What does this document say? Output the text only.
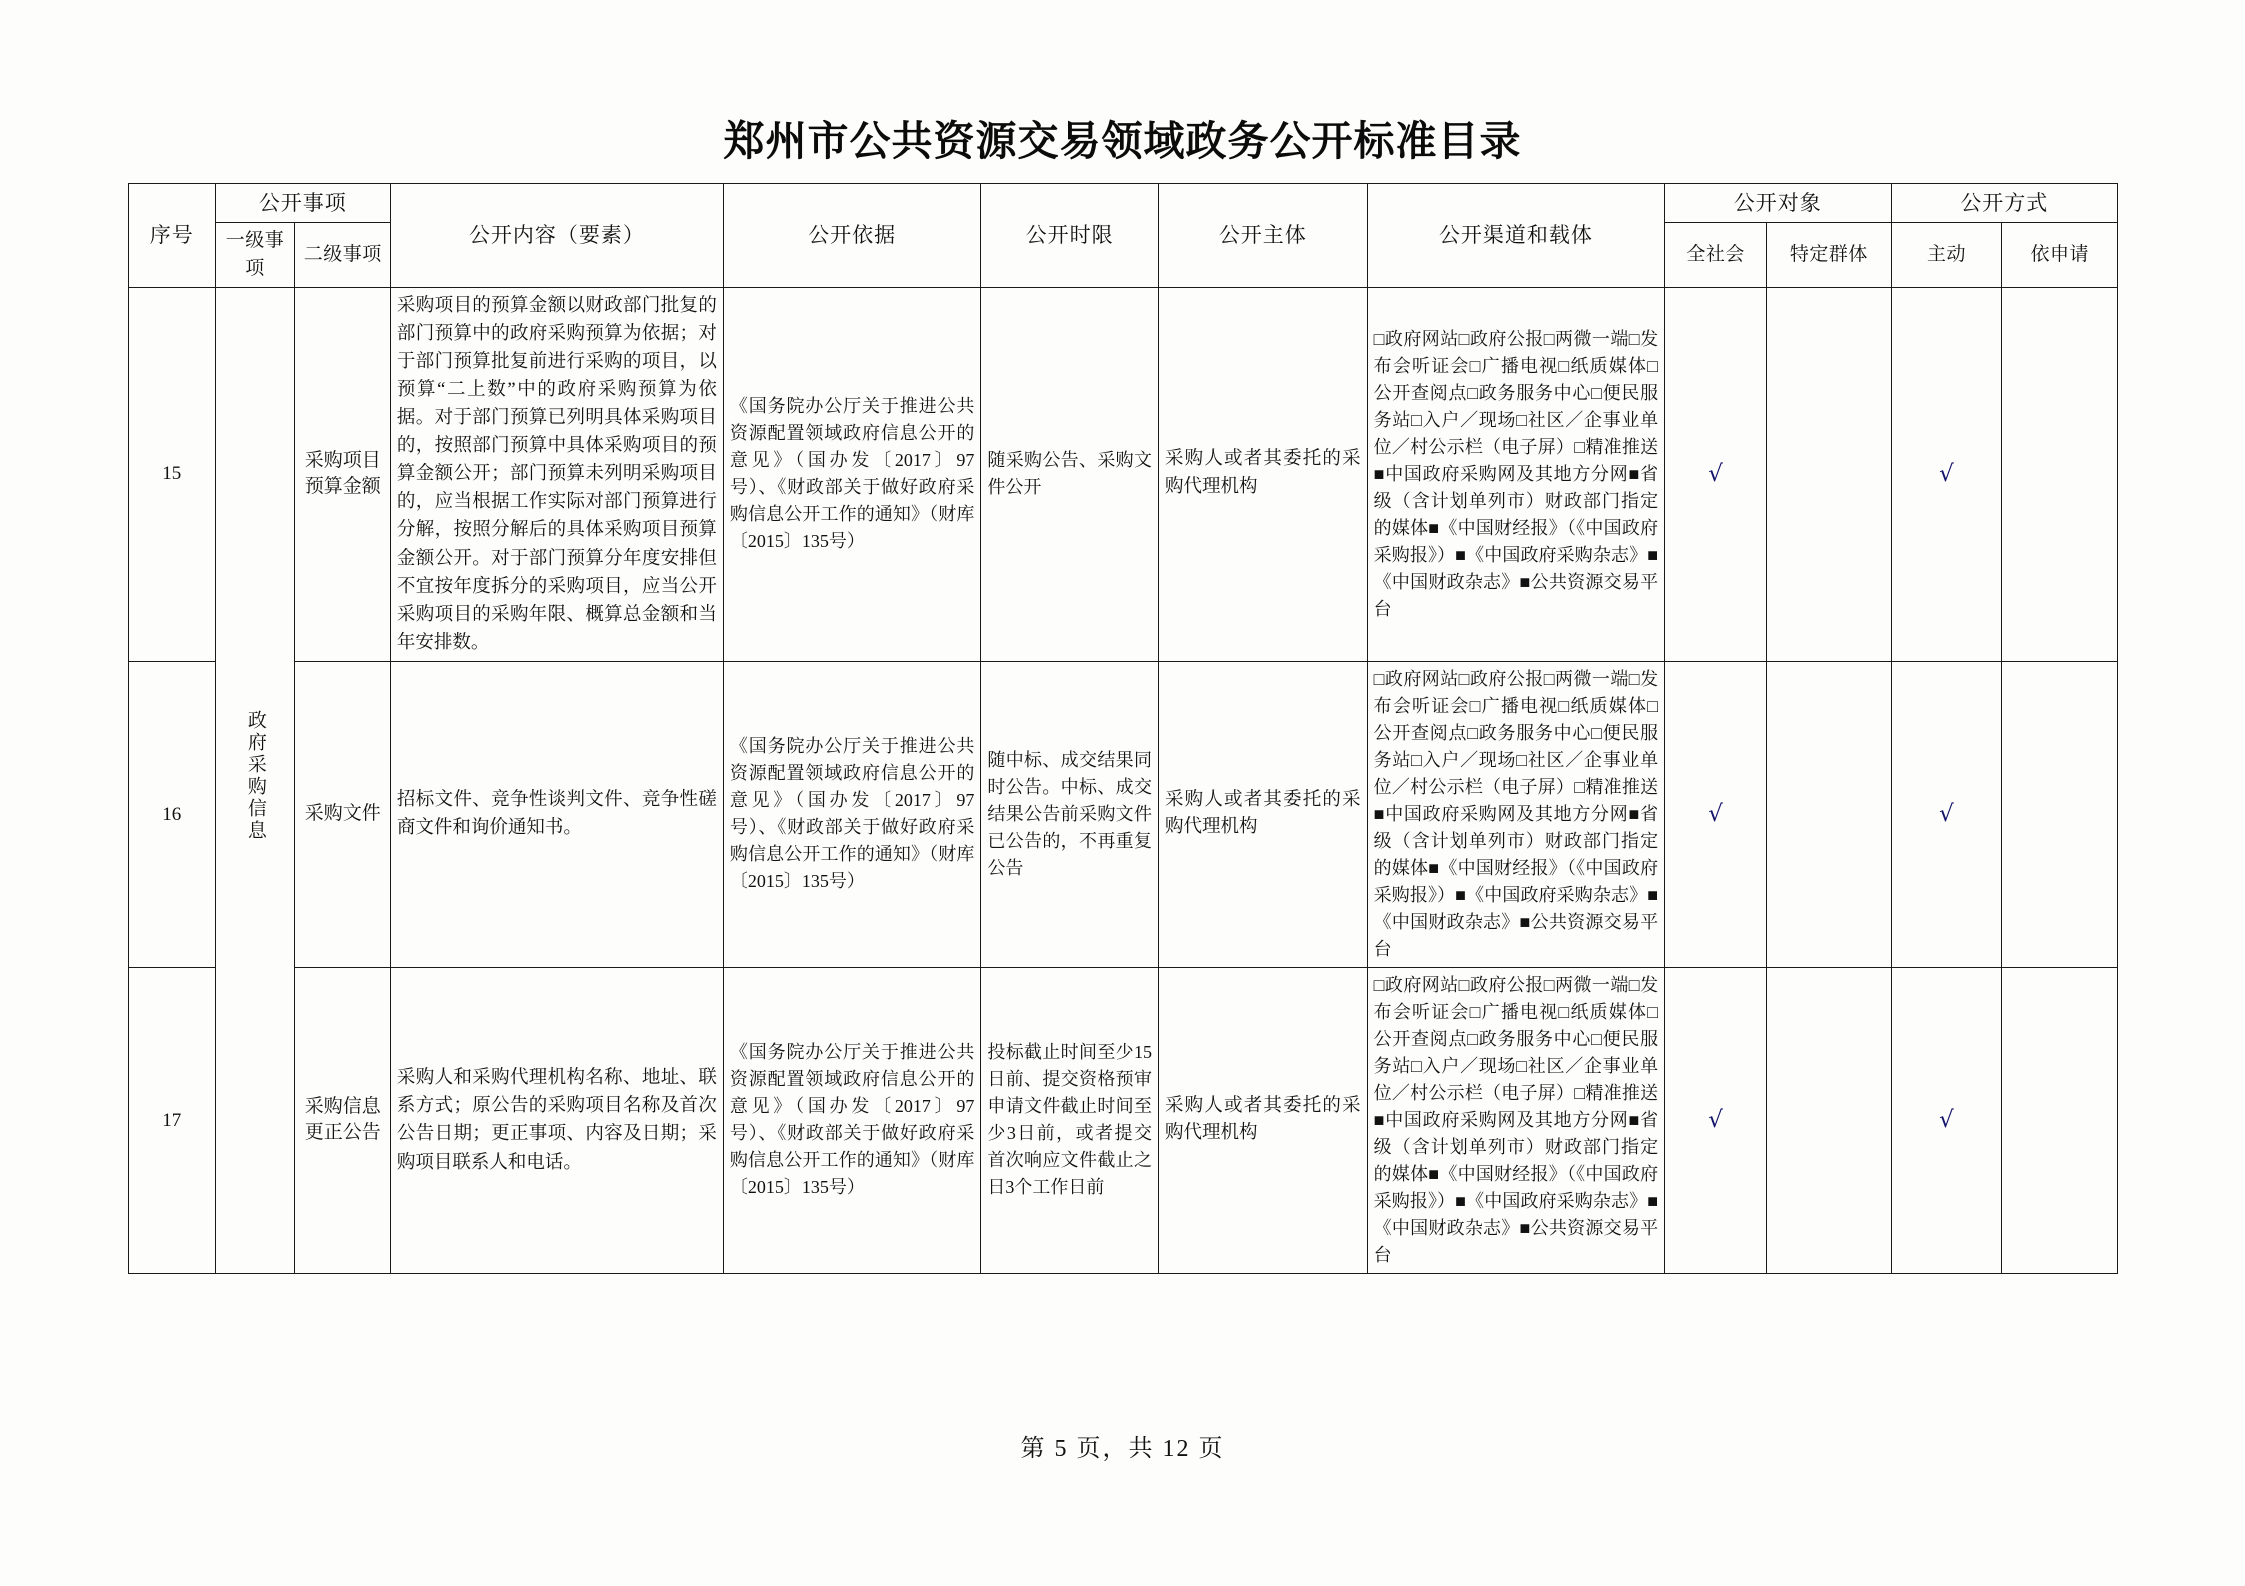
郑州市公共资源交易领域政务公开标准目录
序号	公开事项		公开内容（要素）	公开依据	公开时限	公开主体	公开渠道和载体	公开对象		公开方式	
	一级事项	二级事项						全社会	特定群体	主动	依申请
15	政府采购信息	采购项目预算金额	采购项目的预算金额以财政部门批复的部门预算中的政府采购预算为依据；对于部门预算批复前进行采购的项目，以预算“二上数”中的政府采购预算为依据。对于部门预算已列明具体采购项目的，按照部门预算中具体采购项目的预算金额公开；部门预算未列明采购项目的，应当根据工作实际对部门预算进行分解，按照分解后的具体采购项目预算金额公开。对于部门预算分年度安排但不宜按年度拆分的采购项目，应当公开采购项目的采购年限、概算总金额和当年安排数。	《国务院办公厅关于推进公共资源配置领域政府信息公开的意见》（国办发〔2017〕97号）、《财政部关于做好政府采购信息公开工作的通知》（财库〔2015〕135号）	随采购公告、采购文件公开	采购人或者其委托的采购代理机构	□政府网站□政府公报□两微一端□发布会听证会□广播电视□纸质媒体□公开查阅点□政务服务中心□便民服务站□入户／现场□社区／企事业单位／村公示栏（电子屏）□精准推送■中国政府采购网及其地方分网■省级（含计划单列市）财政部门指定的媒体■《中国财经报》（《中国政府采购报》）■《中国政府采购杂志》■《中国财政杂志》■公共资源交易平台	√		√	
16		采购文件	招标文件、竞争性谈判文件、竞争性磋商文件和询价通知书。	《国务院办公厅关于推进公共资源配置领域政府信息公开的意见》（国办发〔2017〕97号）、《财政部关于做好政府采购信息公开工作的通知》（财库〔2015〕135号）	随中标、成交结果同时公告。中标、成交结果公告前采购文件已公告的，不再重复公告	采购人或者其委托的采购代理机构	□政府网站□政府公报□两微一端□发布会听证会□广播电视□纸质媒体□公开查阅点□政务服务中心□便民服务站□入户／现场□社区／企事业单位／村公示栏（电子屏）□精准推送■中国政府采购网及其地方分网■省级（含计划单列市）财政部门指定的媒体■《中国财经报》（《中国政府采购报》）■《中国政府采购杂志》■《中国财政杂志》■公共资源交易平台	√		√	
17		采购信息更正公告	采购人和采购代理机构名称、地址、联系方式；原公告的采购项目名称及首次公告日期；更正事项、内容及日期；采购项目联系人和电话。	《国务院办公厅关于推进公共资源配置领域政府信息公开的意见》（国办发〔2017〕97号）、《财政部关于做好政府采购信息公开工作的通知》（财库〔2015〕135号）	投标截止时间至少15日前、提交资格预审申请文件截止时间至少3日前，或者提交首次响应文件截止之日3个工作日前	采购人或者其委托的采购代理机构	□政府网站□政府公报□两微一端□发布会听证会□广播电视□纸质媒体□公开查阅点□政务服务中心□便民服务站□入户／现场□社区／企事业单位／村公示栏（电子屏）□精准推送■中国政府采购网及其地方分网■省级（含计划单列市）财政部门指定的媒体■《中国财经报》（《中国政府采购报》）■《中国政府采购杂志》■《中国财政杂志》■公共资源交易平台	√		√	
第 5 页，共 12 页
